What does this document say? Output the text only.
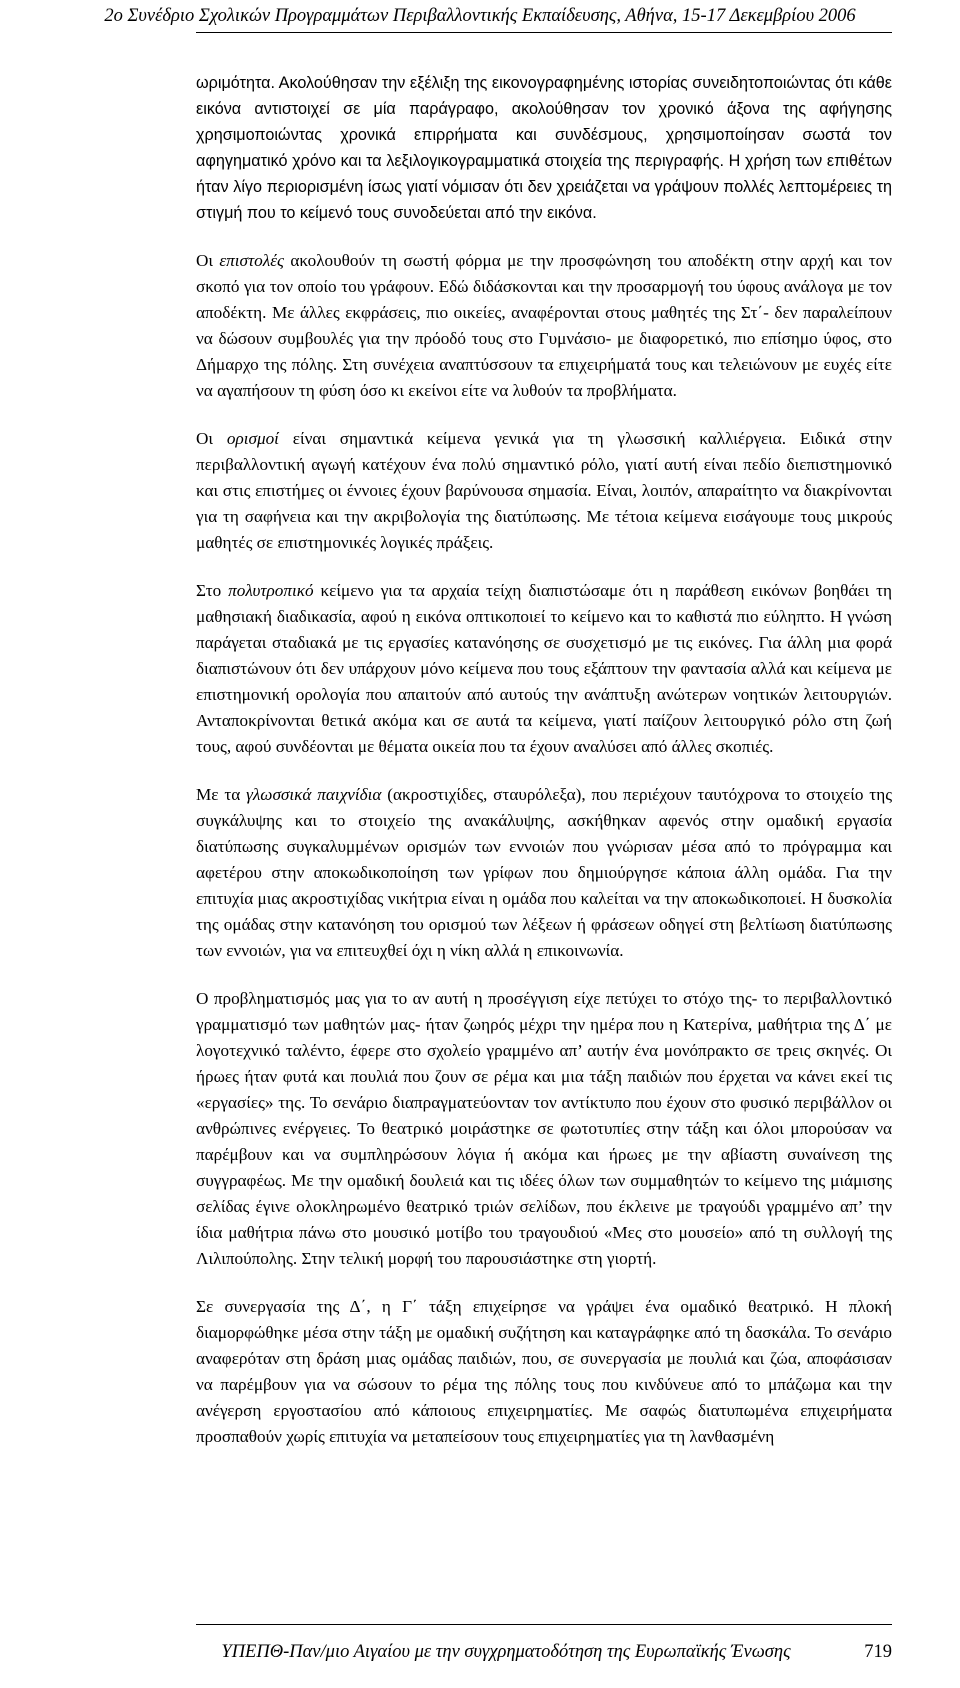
2ο Συνέδριο Σχολικών Προγραμμάτων Περιβαλλοντικής Εκπαίδευσης, Αθήνα, 15-17 Δεκεμβρίου 2006

ωριμότητα. Ακολούθησαν την εξέλιξη της εικονογραφημένης ιστορίας συνειδητοποιώντας ότι κάθε εικόνα αντιστοιχεί σε μία παράγραφο, ακολούθησαν τον χρονικό άξονα της αφήγησης χρησιμοποιώντας χρονικά επιρρήματα και συνδέσμους, χρησιμοποίησαν σωστά τον αφηγηματικό χρόνο και τα λεξιλογικογραμματικά στοιχεία της περιγραφής. Η χρήση των επιθέτων ήταν λίγο περιορισμένη ίσως γιατί νόμισαν ότι δεν χρειάζεται να γράψουν πολλές λεπτομέρειες τη στιγμή που το κείμενό τους συνοδεύεται από την εικόνα.

Οι επιστολές ακολουθούν τη σωστή φόρμα με την προσφώνηση του αποδέκτη στην αρχή και τον σκοπό για τον οποίο του γράφουν. Εδώ διδάσκονται και την προσαρμογή του ύφους ανάλογα με τον αποδέκτη. Με άλλες εκφράσεις, πιο οικείες, αναφέρονται στους μαθητές της Στ΄- δεν παραλείπουν να δώσουν συμβουλές για την πρόοδό τους στο Γυμνάσιο- με διαφορετικό, πιο επίσημο ύφος, στο Δήμαρχο της πόλης. Στη συνέχεια αναπτύσσουν τα επιχειρήματά τους και τελειώνουν με ευχές είτε να αγαπήσουν τη φύση όσο κι εκείνοι είτε να λυθούν τα προβλήματα.

Οι ορισμοί είναι σημαντικά κείμενα γενικά για τη γλωσσική καλλιέργεια. Ειδικά στην περιβαλλοντική αγωγή κατέχουν ένα πολύ σημαντικό ρόλο, γιατί αυτή είναι πεδίο διεπιστημονικό και στις επιστήμες οι έννοιες έχουν βαρύνουσα σημασία. Είναι, λοιπόν, απαραίτητο να διακρίνονται για τη σαφήνεια και την ακριβολογία της διατύπωσης. Με τέτοια κείμενα εισάγουμε τους μικρούς μαθητές σε επιστημονικές λογικές πράξεις.

Στο πολυτροπικό κείμενο για τα αρχαία τείχη διαπιστώσαμε ότι η παράθεση εικόνων βοηθάει τη μαθησιακή διαδικασία, αφού η εικόνα οπτικοποιεί το κείμενο και το καθιστά πιο εύληπτο. Η γνώση παράγεται σταδιακά με τις εργασίες κατανόησης σε συσχετισμό με τις εικόνες. Για άλλη μια φορά διαπιστώνουν ότι δεν υπάρχουν μόνο κείμενα που τους εξάπτουν την φαντασία αλλά και κείμενα με επιστημονική ορολογία που απαιτούν από αυτούς την ανάπτυξη ανώτερων νοητικών λειτουργιών. Ανταποκρίνονται θετικά ακόμα και σε αυτά τα κείμενα, γιατί παίζουν λειτουργικό ρόλο στη ζωή τους, αφού συνδέονται με θέματα οικεία που τα έχουν αναλύσει από άλλες σκοπιές.

Με τα γλωσσικά παιχνίδια (ακροστιχίδες, σταυρόλεξα), που περιέχουν ταυτόχρονα το στοιχείο της συγκάλυψης και το στοιχείο της ανακάλυψης, ασκήθηκαν αφενός στην ομαδική εργασία διατύπωσης συγκαλυμμένων ορισμών των εννοιών που γνώρισαν μέσα από το πρόγραμμα και αφετέρου στην αποκωδικοποίηση των γρίφων που δημιούργησε κάποια άλλη ομάδα. Για την επιτυχία μιας ακροστιχίδας νικήτρια είναι η ομάδα που καλείται να την αποκωδικοποιεί. Η δυσκολία της ομάδας στην κατανόηση του ορισμού των λέξεων ή φράσεων οδηγεί στη βελτίωση διατύπωσης των εννοιών, για να επιτευχθεί όχι η νίκη αλλά η επικοινωνία.

Ο προβληματισμός μας για το αν αυτή η προσέγγιση είχε πετύχει το στόχο της- το περιβαλλοντικό γραμματισμό των μαθητών μας- ήταν ζωηρός μέχρι την ημέρα που η Κατερίνα, μαθήτρια της Δ΄ με λογοτεχνικό ταλέντο, έφερε στο σχολείο γραμμένο απ’ αυτήν ένα μονόπρακτο σε τρεις σκηνές. Οι ήρωες ήταν φυτά και πουλιά που ζουν σε ρέμα και μια τάξη παιδιών που έρχεται να κάνει εκεί τις «εργασίες» της. Το σενάριο διαπραγματεύονταν τον αντίκτυπο που έχουν στο φυσικό περιβάλλον οι ανθρώπινες ενέργειες. Το θεατρικό μοιράστηκε σε φωτοτυπίες στην τάξη και όλοι μπορούσαν να παρέμβουν και να συμπληρώσουν λόγια ή ακόμα και ήρωες με την αβίαστη συναίνεση της συγγραφέως. Με την ομαδική δουλειά και τις ιδέες όλων των συμμαθητών το κείμενο της μιάμισης σελίδας έγινε ολοκληρωμένο θεατρικό τριών σελίδων, που έκλεινε με τραγούδι γραμμένο απ’ την ίδια μαθήτρια πάνω στο μουσικό μοτίβο του τραγουδιού «Μες στο μουσείο» από τη συλλογή της Λιλιπούπολης. Στην τελική μορφή του παρουσιάστηκε στη γιορτή.

Σε συνεργασία της Δ΄, η Γ΄ τάξη επιχείρησε να γράψει ένα ομαδικό θεατρικό. Η πλοκή διαμορφώθηκε μέσα στην τάξη με ομαδική συζήτηση και καταγράφηκε από τη δασκάλα. Το σενάριο αναφερόταν στη δράση μιας ομάδας παιδιών, που, σε συνεργασία με πουλιά και ζώα, αποφάσισαν να παρέμβουν για να σώσουν το ρέμα της πόλης τους που κινδύνευε από το μπάζωμα και την ανέγερση εργοστασίου από κάποιους επιχειρηματίες. Με σαφώς διατυπωμένα επιχειρήματα προσπαθούν χωρίς επιτυχία να μεταπείσουν τους επιχειρηματίες για τη λανθασμένη

ΥΠΕΠΘ-Παν/μιο Αιγαίου με την συγχρηματοδότηση της Ευρωπαϊκής Ένωσης	719
